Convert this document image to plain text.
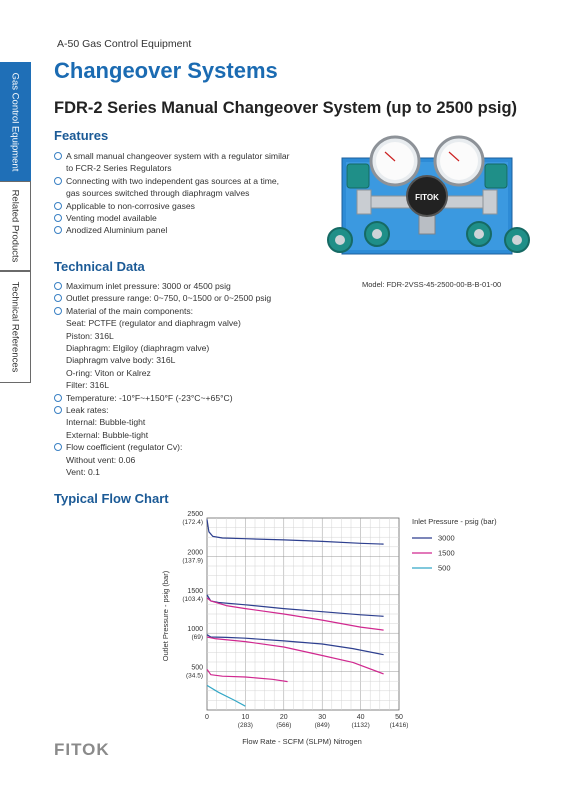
A-50 Gas Control Equipment
Gas Control Equipment
Related Products
Technical References
Changeover Systems
FDR-2 Series Manual Changeover System (up to 2500 psig)
Features
A small manual changeover system with a regulator similar
to FCR-2 Series Regulators
Connecting with two independent gas sources at a time,
gas sources switched through diaphragm valves
Applicable to non-corrosive gases
Venting model available
Anodized Aluminium panel
FITOK
Model: FDR-2VSS-45-2500-00-B-B-01-00
Technical Data
Maximum inlet pressure: 3000 or 4500 psig
Outlet pressure range: 0~750, 0~1500 or 0~2500 psig
Material of the main components:
Seat: PCTFE (regulator and diaphragm valve)
Piston: 316L
Diaphragm: Elgiloy (diaphragm valve)
Diaphragm valve body: 316L
O-ring: Viton or Kalrez
Filter: 316L
Temperature: -10°F~+150°F (-23°C~+65°C)
Leak rates:
Internal: Bubble-tight
External: Bubble-tight
Flow coefficient (regulator Cv):
Without vent: 0.06
Vent: 0.1
Typical Flow Chart
0	10
(283)
20
(566)
30
(849)
40
(1132)
50
(1416)
500
(34.5)
1000
(69)
1500
(103.4)
2000
(137.9)
2500
(172.4)
Outlet Pressure - psig (bar)
Flow Rate - SCFM (SLPM) Nitrogen
Inlet Pressure - psig (bar)
3000
1500
500
FITOK
